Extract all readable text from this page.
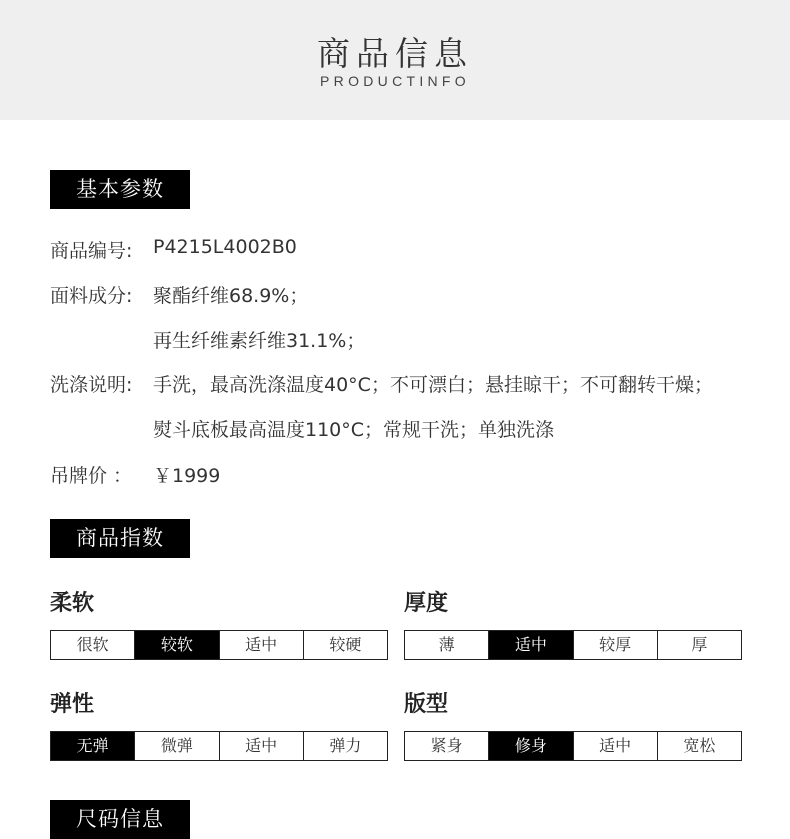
商品信息
PRODUCTINFO
基本参数
商品编号: P4215L4002B0
面料成分: 聚酯纤维68.9%；
再生纤维素纤维31.1%；
洗涤说明: 手洗，最高洗涤温度40°C；不可漂白；悬挂晾干；不可翻转干燥；
熨斗底板最高温度110°C；常规干洗；单独洗涤
吊牌价 ： ￥1999
商品指数
柔软
很软	较软	适中	较硬
厚度
薄	适中	较厚	厚
弹性
无弹	微弹	适中	弹力
版型
紧身	修身	适中	宽松
尺码信息
